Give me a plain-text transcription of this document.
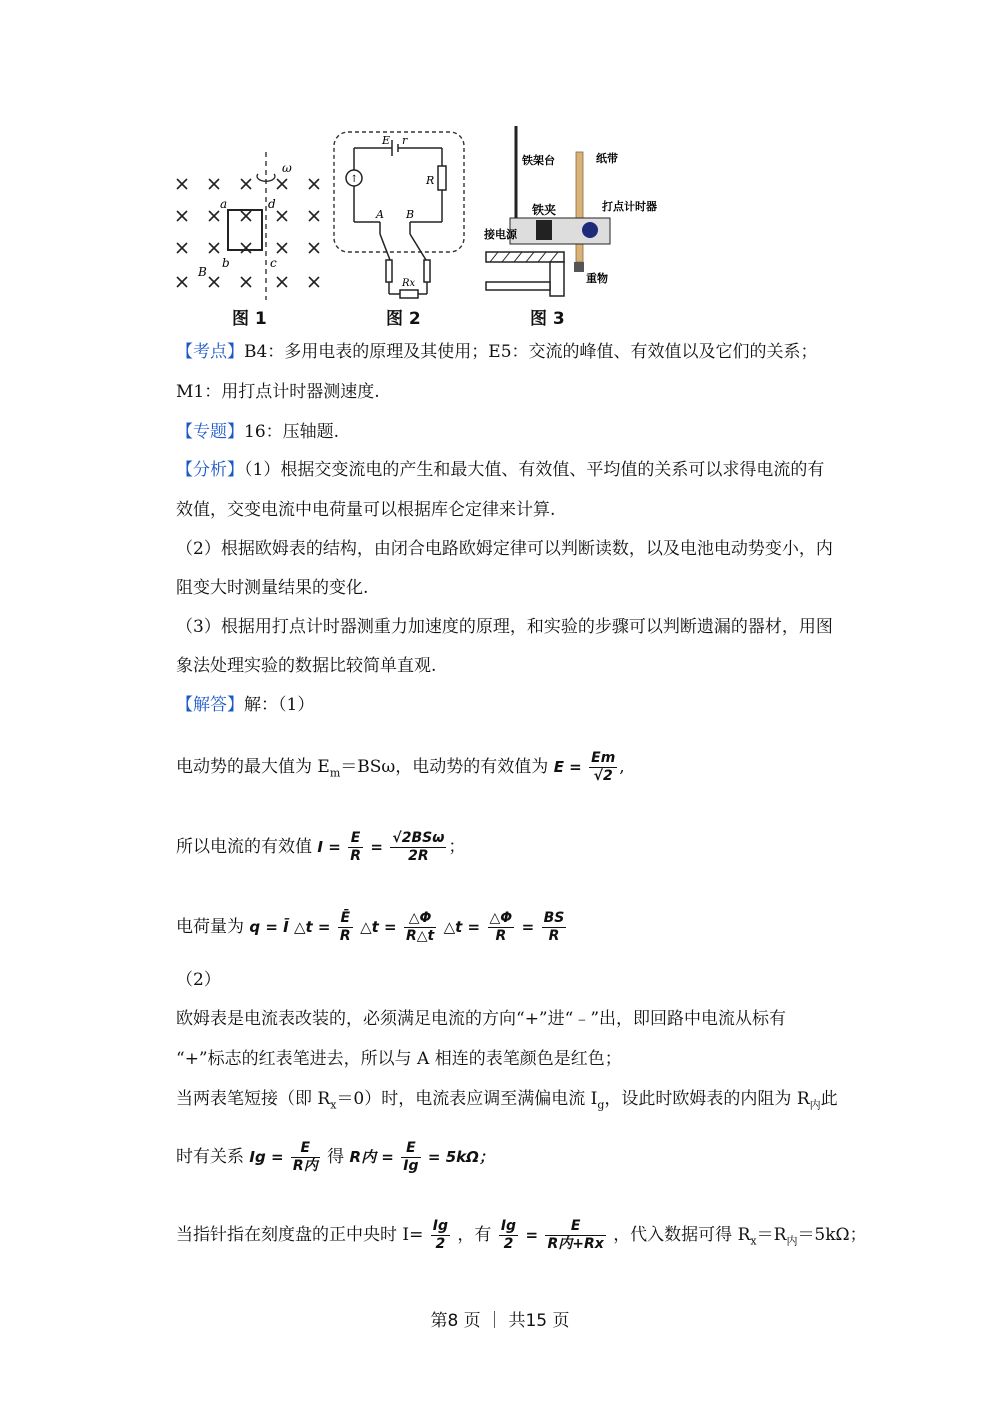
ω
a	d
b	c
B
图 1
↑
E r
R
A B
Rx
图 2
铁架台	纸带
铁夹	打点计时器
接电源
重物
图 3
【考点】B4：多用电表的原理及其使用；E5：交流的峰值、有效值以及它们的关系；
M1：用打点计时器测速度.
【专题】16：压轴题.
【分析】（1）根据交变流电的产生和最大值、有效值、平均值的关系可以求得电流的有
效值，交变电流中电荷量可以根据库仑定律来计算.
（2）根据欧姆表的结构，由闭合电路欧姆定律可以判断读数，以及电池电动势变小，内
阻变大时测量结果的变化.
（3）根据用打点计时器测重力加速度的原理，和实验的步骤可以判断遗漏的器材，用图
象法处理实验的数据比较简单直观.
【解答】解：（1）
电动势的最大值为 $E_m=BS\omega$，电动势的有效值为 $E = \frac{Em}{√2}$ ,
所以电流的有效值 $I = \frac{E}{R} = \frac{\text{√2BSω}}{2R}$ ；
电荷量为 q = Ī △t = $\frac{Ē}{R}$ △t = $\frac{\triangle\Phi}{R\triangle t}$ △t = $\frac{\triangle\Phi}{R} = \frac{BS}{R}$
（2）
欧姆表是电流表改装的，必须满足电流的方向“+”进“﹣”出，即回路中电流从标有
“+”标志的红表笔进去，所以与 A 相连的表笔颜色是红色；
当两表笔短接（即 $R_x=0$）时，电流表应调至满偏电流 $I_g$，设此时欧姆表的内阻为 $R_内$此
时有关系 $Ig = \frac{E}{\text{R内}}$ 得 R内 = $\frac{E}{Ig} = 5k\Omega$；
当指针指在刻度盘的正中央时 $I= \frac{Ig}{2}$ ，有 $\frac{Ig}{2} = \frac{E}{\text{R内+Rx}}$ ，代入数据可得 $R_x=R_内=5k\Omega$；
第8 页 ｜ 共15 页
